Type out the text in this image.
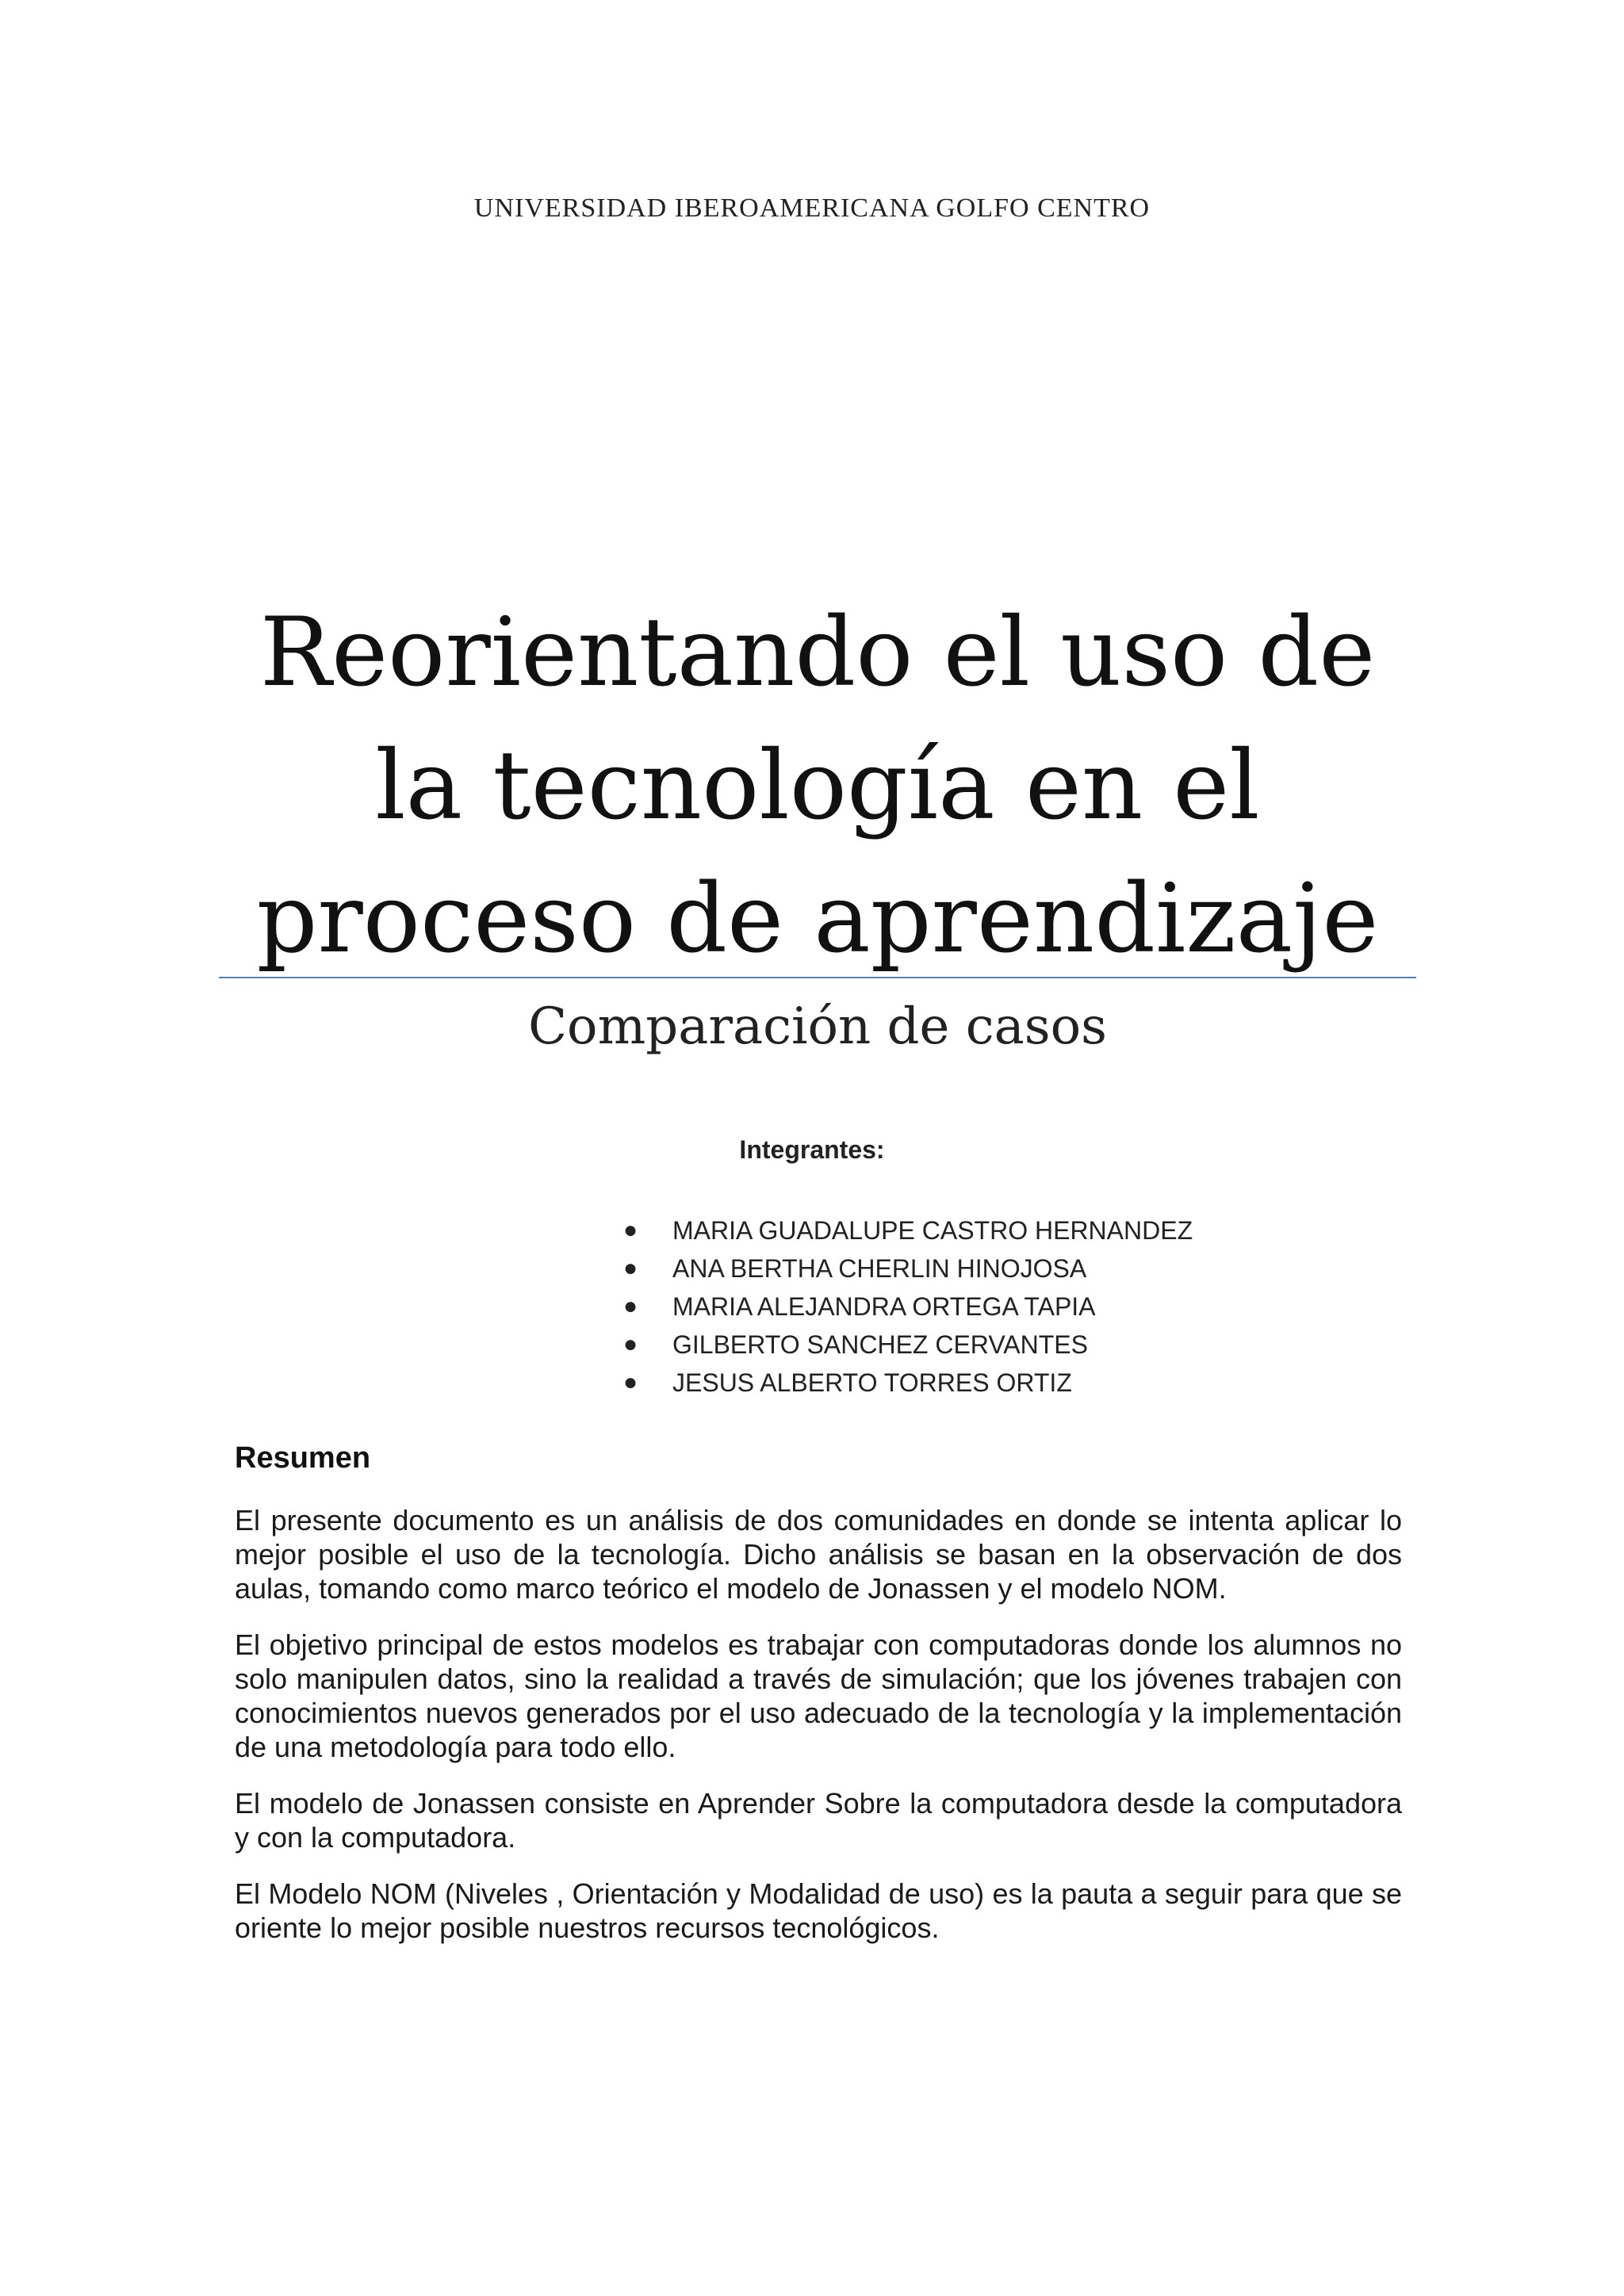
UNIVERSIDAD IBEROAMERICANA GOLFO CENTRO
Reorientando el uso de la tecnología en el proceso de aprendizaje
Comparación de casos
Integrantes:
● MARIA GUADALUPE CASTRO HERNANDEZ
● ANA BERTHA CHERLIN HINOJOSA
● MARIA ALEJANDRA ORTEGA TAPIA
● GILBERTO SANCHEZ CERVANTES
● JESUS ALBERTO TORRES ORTIZ
Resumen

El presente documento es un análisis de dos comunidades en donde se intenta aplicar lo mejor posible el uso de la tecnología. Dicho análisis se basan en la observación de dos aulas, tomando como marco teórico el modelo de Jonassen y el modelo NOM.

El objetivo principal de estos modelos es trabajar con computadoras donde los alumnos no solo manipulen datos, sino la realidad a través de simulación; que los jóvenes trabajen con conocimientos nuevos generados por el uso adecuado de la tecnología y la implementación de una metodología para todo ello.

El modelo de Jonassen consiste en Aprender Sobre la computadora desde la computadora y con la computadora.

El Modelo NOM (Niveles , Orientación y Modalidad de uso) es la pauta a seguir para que se oriente lo mejor posible nuestros recursos tecnológicos.
